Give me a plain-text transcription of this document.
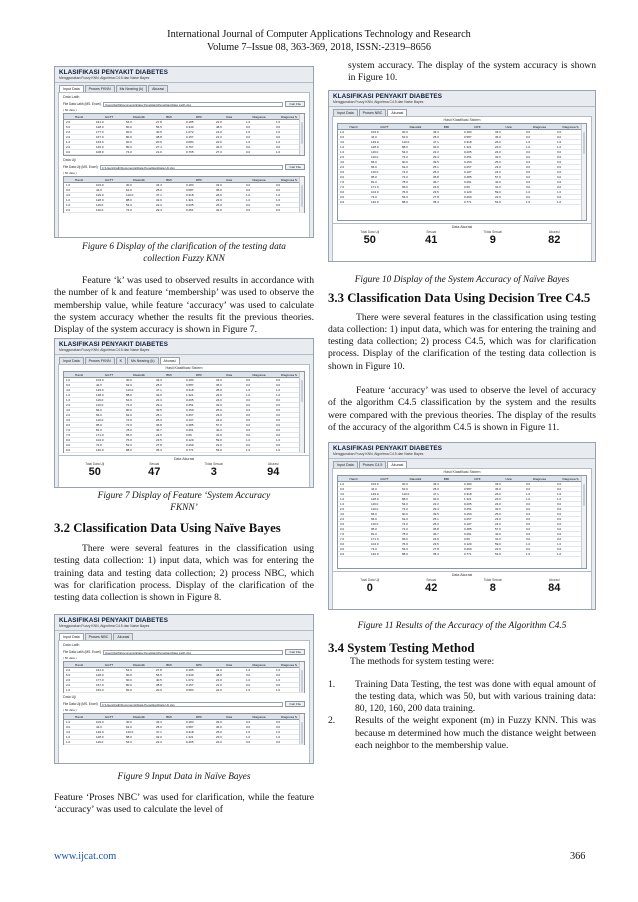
International Journal of Computer Applications Technology and Research
Volume 7–Issue 08, 363-369, 2018, ISSN:-2319–8656
KLASIFIKASI PENYAKIT DIABETES
Menggunakan Fuzzy KNN, Algoritma C4.5 dan Naive Bayes
Input Data	Proses FKNN	Ms Nearing (k)	Akurasi
Data Latih
File Data Latih (MS. Excel)	Users\Fath\Documents\Data Penelitian\Penelitian\Data Latih.xlsx	Cari File
( 50 data )
Hamil	GGTT	Diastolik	BMI	DPF	Usia	Diagnosa	Diagnosa S
2.0	161.0	54.0	27.8	0.185	22.0	1.0	1.0
5.0	128.0	90.0	56.5	0.340	48.0	0.0	0.0
2.0	177.0	60.0	40.5	1.072	21.0	1.0	1.0
2.0	167.0	80.0	38.8	0.157	21.0	0.0	0.0
1.0	163.0	60.0	20.9	0.684	22.0	1.0	1.0
2.0	146.0	80.0	27.4	0.767	32.0	0.0	0.0
0.0	108.0	74.0	21.0	0.765	27.0	0.0	1.0
Data Uji
File Data Uji (MS. Excel)	C:\Users\Fath\Documents\Data Penelitian\Data Uji.xlsx	Cari File
( 50 data )
Hamil	GGTT	Diastolik	BMI	DPF	Usia	Diagnosa	Diagnosa S
1.0	103.0	30.0	43.3	0.183	33.0	0.0	0.0
0.0	44.0	62.0	25.0	0.587	36.0	0.0	0.0
4.0	129.0	110.0	47.1	0.318	26.0	1.0	1.0
1.0	128.0	88.0	32.0	1.321	23.0	1.0	1.0
1.0	119.0	54.0	22.3	0.205	24.0	0.0	0.0
2.0	110.0	74.0	29.4	0.251	32.0	0.0	0.0
Figure 6 Display of the clarification of the testing data collection Fuzzy KNN

Feature ‘k’ was used to observed results in accordance with the number of k and feature ‘membership’ was used to observe the membership value, while feature ‘accuracy’ was used to calculate the system accuracy whether the results fit the previous theories. Display of the system accuracy is shown in Figure 7.

KLASIFIKASI PENYAKIT DIABETES
Menggunakan Fuzzy KNN, Algoritma C4.5 dan Naive Bayes
Input Data	Proses FKNN	K	Ms Nearing (k)	Akurasi
Hasil Klasifikasi Sistem
Hamil	GGTT	Diastolik	BMI	DPF	Usia	Diagnosa	Diagnosa S
1.0	103.0	30.0	43.3	0.183	33.0	0.0	0.0
0.0	44.0	62.0	25.0	0.587	36.0	0.0	0.0
4.0	129.0	110.0	47.1	0.318	26.0	1.0	1.0
1.0	128.0	88.0	32.0	1.321	23.0	1.0	1.0
1.0	119.0	54.0	22.3	0.205	24.0	0.0	0.0
2.0	110.0	74.0	29.4	0.251	32.0	0.0	0.0
4.0	84.0	90.0	39.5	0.159	25.0	0.0	0.0
2.0	66.0	62.0	25.1	0.257	23.0	0.0	0.0
3.0	116.0	74.0	26.3	0.107	24.0	0.0	0.0
0.0	95.0	72.0	36.8	0.485	57.0	0.0	0.0
7.0	81.0	78.0	46.7	0.261	42.0	0.0	0.0
7.0	171.0	65.0	24.6	0.66	31.0	0.0	0.0
0.0	104.0	76.0	23.5	0.129	59.0	1.0	1.0
0.0	74.0	52.0	27.8	0.269	22.0	0.0	0.0
0.0	140.0	88.0	35.3	0.771	53.0	1.0	1.0
Data Akurasi
Total Data Uji
50
Sesuai
47
Tidak Sesuai
3
Akurasi
94
Figure 7 Display of Feature ‘System Accuracy FKNN’
3.2 Classification Data Using Naïve Bayes

There were several features in the classification using testing data collection: 1) input data, which was for entering the training data and testing data collection; 2) process NBC, which was for clarification process. Display of the clarification of the testing data collection is shown in Figure 8.

KLASIFIKASI PENYAKIT DIABETES
Menggunakan Fuzzy KNN, Algoritma C4.5 dan Naive Bayes
Input Data	Proses NBC	Akurasi
Data Latih
File Data Latih (MS. Excel)	Users\Fath\Documents\Data Penelitian\Penelitian\Data Latih.xlsx	Cari File
( 50 data )
Hamil	GGTT	Diastolik	BMI	DPF	Usia	Diagnosa	Diagnosa S
2.0	161.0	54.0	27.8	0.185	22.0	1.0	1.0
5.0	128.0	90.0	56.5	0.340	48.0	0.0	0.0
2.0	177.0	60.0	40.5	1.072	21.0	1.0	1.0
2.0	167.0	80.0	38.8	0.157	21.0	0.0	0.0
1.0	163.0	60.0	20.9	0.684	22.0	1.0	1.0
Data Uji
File Data Uji (MS. Excel)	C:\Users\Fath\Documents\Data Penelitian\Data Uji.xlsx	Cari File
( 50 data )
Hamil	GGTT	Diastolik	BMI	DPF	Usia	Diagnosa	Diagnosa S
1.0	103.0	30.0	43.3	0.183	33.0	0.0	0.0
0.0	44.0	62.0	25.0	0.587	36.0	0.0	0.0
4.0	129.0	110.0	47.1	0.318	26.0	1.0	1.0
1.0	128.0	88.0	32.0	1.321	23.0	1.0	1.0
1.0	119.0	54.0	22.3	0.205	24.0	0.0	0.0
Figure 9 Input Data in Naïve Bayes

Feature ‘Proses NBC’ was used for clarification, while the feature ‘accuracy’ was used to calculate the level of

system accuracy. The display of the system accuracy is shown in Figure 10.

KLASIFIKASI PENYAKIT DIABETES
Menggunakan Fuzzy KNN, Algoritma C4.5 dan Naive Bayes
Input Data	Proses NBC	Akurasi
Hasil Klasifikasi Sistem
Hamil	GGTT	Diastolik	BMI	DPF	Usia	Diagnosa	Diagnosa S
1.0	103.0	30.0	43.3	0.183	33.0	0.0	0.0
0.0	44.0	62.0	25.0	0.587	36.0	0.0	0.0
4.0	129.0	110.0	47.1	0.318	26.0	1.0	1.0
1.0	128.0	88.0	32.0	1.321	23.0	1.0	1.0
1.0	119.0	54.0	22.3	0.205	24.0	0.0	0.0
2.0	110.0	74.0	29.4	0.251	32.0	0.0	0.0
4.0	84.0	90.0	39.5	0.159	25.0	0.0	0.0
2.0	66.0	62.0	25.1	0.257	23.0	0.0	0.0
3.0	116.0	74.0	26.3	0.107	24.0	0.0	0.0
0.0	95.0	72.0	36.8	0.485	57.0	0.0	0.0
7.0	81.0	78.0	46.7	0.261	42.0	0.0	0.0
7.0	171.0	65.0	24.6	0.66	31.0	0.0	0.0
0.0	104.0	76.0	23.5	0.129	59.0	1.0	1.0
0.0	74.0	52.0	27.8	0.269	22.0	0.0	0.0
0.0	140.0	88.0	35.3	0.771	53.0	1.0	1.0
Data Akurasi
Total Data Uji
50
Sesuai
41
Tidak Sesuai
9
Akurasi
82
Figure 10 Display of the System Accuracy of Naïve Bayes
3.3 Classification Data Using Decision Tree C4.5

There were several features in the classification using testing data collection: 1) input data, which was for entering the training and testing data collection; 2) process C4.5, which was for clarification process. Display of the clarification of the testing data collection is shown in Figure 10.

Feature ‘accuracy’ was used to observe the level of accuracy of the algorithm C4.5 classification by the system and the results were compared with the previous theories. The display of the results of the accuracy of the algorithm C4.5 is shown in Figure 11.

KLASIFIKASI PENYAKIT DIABETES
Menggunakan Fuzzy KNN, Algoritma C4.5 dan Naive Bayes
Input Data	Proses C4.5	Akurasi
Hasil Klasifikasi Sistem
Hamil	GGTT	Diastolik	BMI	DPF	Usia	Diagnosa	Diagnosa S
1.0	103.0	30.0	43.3	0.183	33.0	0.0	0.0
0.0	44.0	62.0	25.0	0.587	36.0	0.0	0.0
4.0	129.0	110.0	47.1	0.318	26.0	1.0	1.0
1.0	128.0	88.0	32.0	1.321	23.0	1.0	1.0
1.0	119.0	54.0	22.3	0.205	24.0	0.0	0.0
2.0	110.0	74.0	29.4	0.251	32.0	0.0	0.0
4.0	84.0	90.0	39.5	0.159	25.0	0.0	0.0
2.0	66.0	62.0	25.1	0.257	23.0	0.0	0.0
3.0	116.0	74.0	26.3	0.107	24.0	0.0	0.0
0.0	95.0	72.0	36.8	0.485	57.0	0.0	0.0
7.0	81.0	78.0	46.7	0.261	42.0	0.0	0.0
7.0	171.0	65.0	24.6	0.66	31.0	0.0	0.0
0.0	104.0	76.0	23.5	0.129	59.0	1.0	1.0
0.0	74.0	52.0	27.8	0.269	22.0	0.0	0.0
0.0	140.0	88.0	35.3	0.771	53.0	1.0	1.0
Data Akurasi
Total Data Uji
0
Sesuai
42
Tidak Sesuai
8
Akurasi
84
Figure 11 Results of the Accuracy of the Algorithm C4.5
3.4 System Testing Method

The methods for system testing were:

1. Training Data Testing, the test was done with equal amount of the testing data, which was 50, but with various training data: 80, 120, 160, 200 data training.
2. Results of the weight exponent (m) in Fuzzy KNN. This was because m determined how much the distance weight between each neighbor to the membership value.
www.ijcat.com	366
